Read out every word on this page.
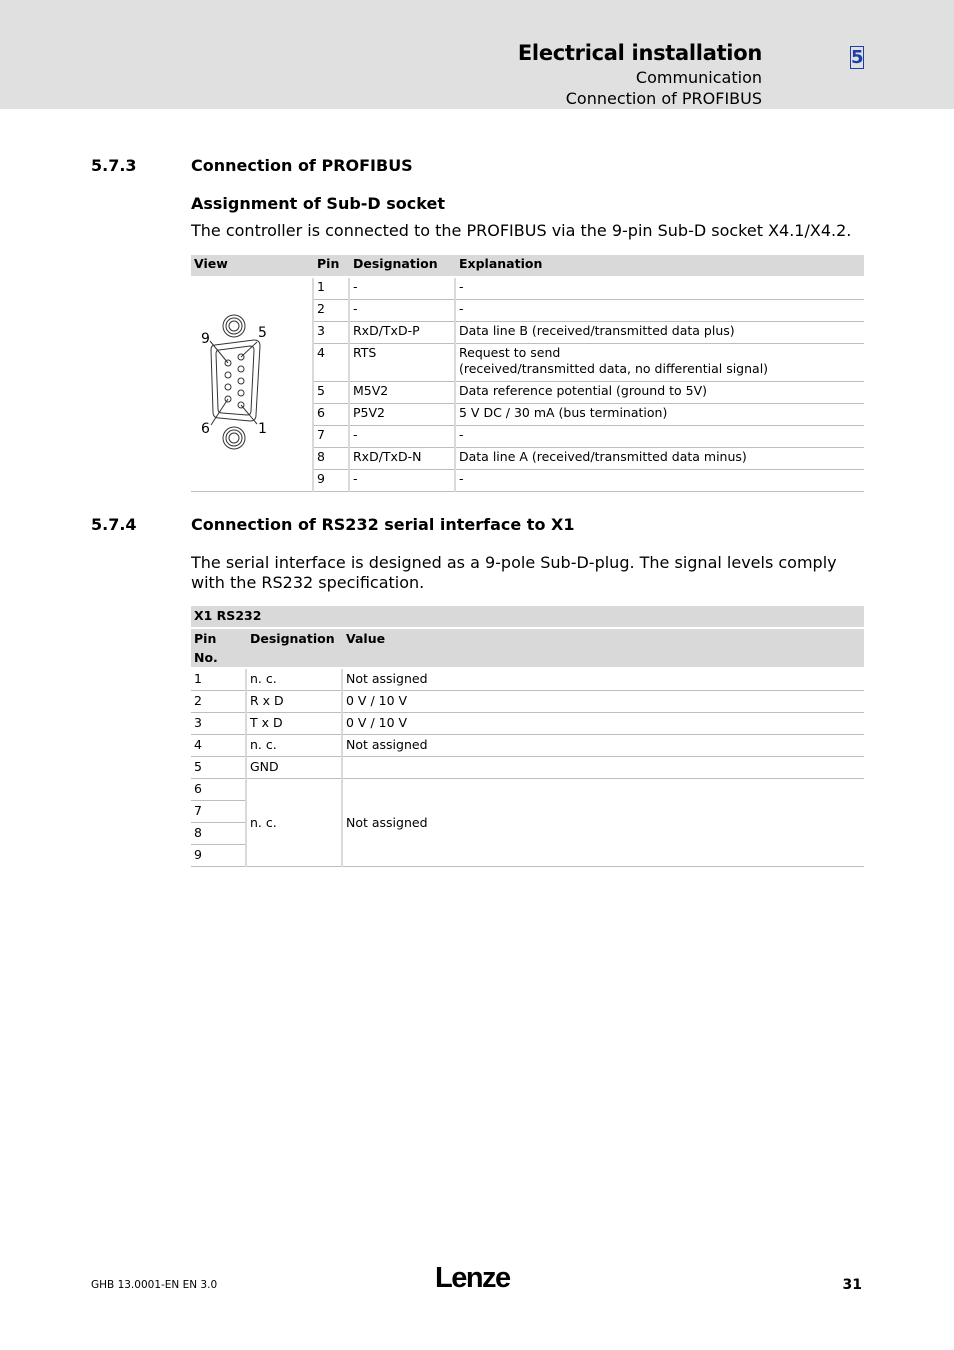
Electrical installation
Communication
Connection of PROFIBUS
5
5.7.3	Connection of PROFIBUS
Assignment of Sub-D socket
The controller is connected to the PROFIBUS via the 9-pin Sub-D socket X4.1/X4.2.
View	Pin	Designation	Explanation

9 5
6 1	1	-	-
	2	-	-
	3	RxD/TxD-P	Data line B (received/transmitted data plus)
	4	RTS	Request to send
(received/transmitted data, no differential signal)

	5	M5V2	Data reference potential (ground to 5V)
	6	P5V2	5 V DC / 30 mA (bus termination)
	7	-	-
	8	RxD/TxD-N	Data line A (received/transmitted data minus)
	9	-	-
5.7.4	Connection of RS232 serial interface to X1
The serial interface is designed as a 9-pole Sub-D-plug. The signal levels comply with the RS232 specification.
X1 RS232		
Pin No.	Designation	Value
1	n. c.	Not assigned
2	R x D	0 V / 10 V
3	T x D	0 V / 10 V
4	n. c.	Not assigned
5	GND	
6	n. c.	Not assigned
7		
8		
9		
GHB 13.0001-EN EN 3.0	Lenze	31
